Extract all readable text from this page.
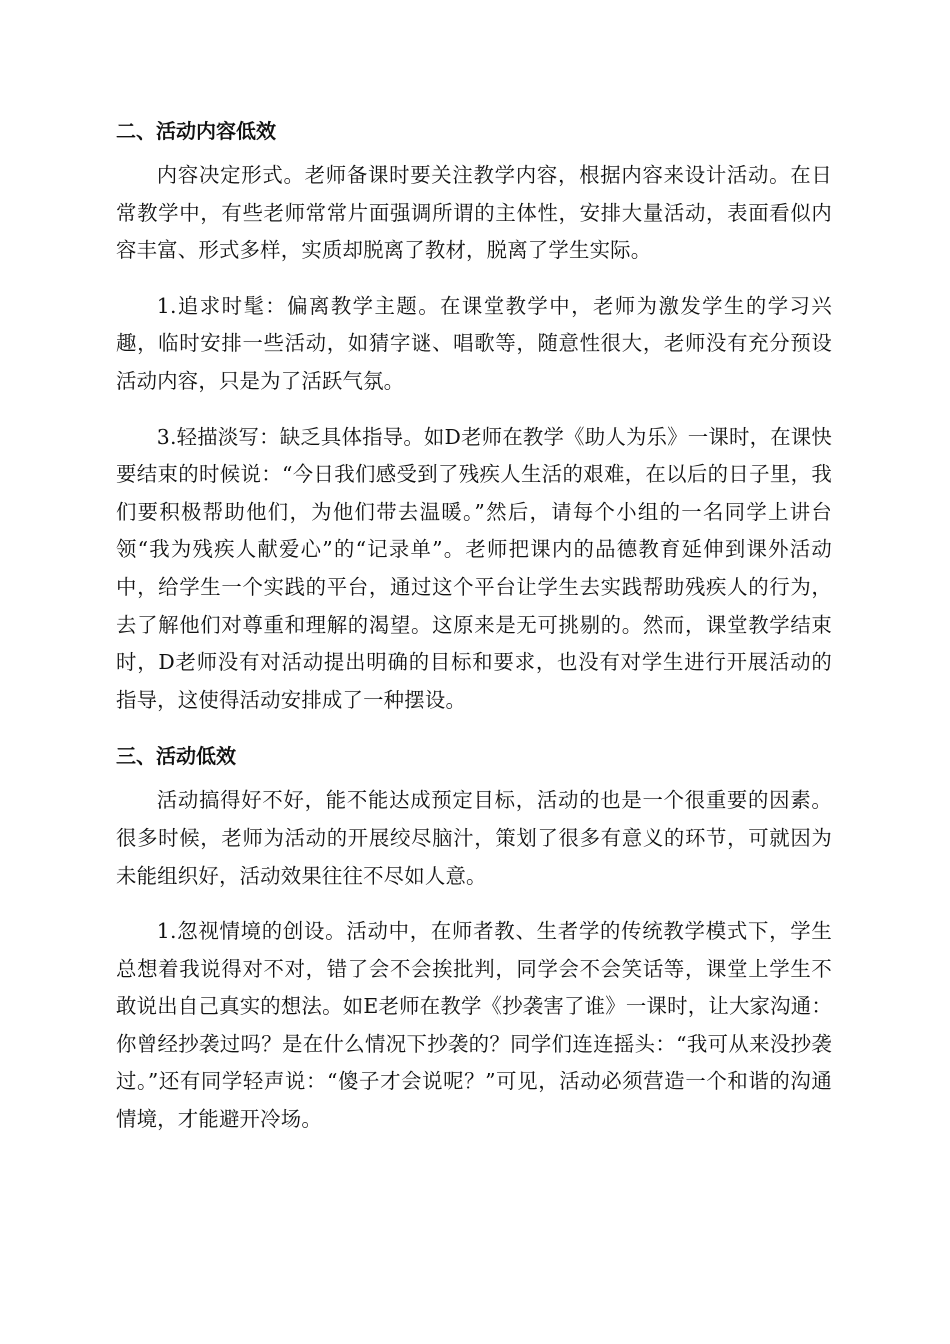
二、活动内容低效

内容决定形式。老师备课时要关注教学内容，根据内容来设计活动。在日常教学中，有些老师常常片面强调所谓的主体性，安排大量活动，表面看似内容丰富、形式多样，实质却脱离了教材，脱离了学生实际。

1.追求时髦：偏离教学主题。在课堂教学中，老师为激发学生的学习兴趣，临时安排一些活动，如猜字谜、唱歌等，随意性很大，老师没有充分预设活动内容，只是为了活跃气氛。

3.轻描淡写：缺乏具体指导。如D老师在教学《助人为乐》一课时，在课快要结束的时候说：“今日我们感受到了残疾人生活的艰难，在以后的日子里，我们要积极帮助他们，为他们带去温暖。”然后，请每个小组的一名同学上讲台领“我为残疾人献爱心”的“记录单”。老师把课内的品德教育延伸到课外活动中，给学生一个实践的平台，通过这个平台让学生去实践帮助残疾人的行为，去了解他们对尊重和理解的渴望。这原来是无可挑剔的。然而，课堂教学结束时，D老师没有对活动提出明确的目标和要求，也没有对学生进行开展活动的指导，这使得活动安排成了一种摆设。

三、活动低效

活动搞得好不好，能不能达成预定目标，活动的也是一个很重要的因素。很多时候，老师为活动的开展绞尽脑汁，策划了很多有意义的环节，可就因为未能组织好，活动效果往往不尽如人意。

1.忽视情境的创设。活动中，在师者教、生者学的传统教学模式下，学生总想着我说得对不对，错了会不会挨批判，同学会不会笑话等，课堂上学生不敢说出自己真实的想法。如E老师在教学《抄袭害了谁》一课时，让大家沟通：你曾经抄袭过吗？是在什么情况下抄袭的？同学们连连摇头：“我可从来没抄袭过。”还有同学轻声说：“傻子才会说呢？”可见，活动必须营造一个和谐的沟通情境，才能避开冷场。
